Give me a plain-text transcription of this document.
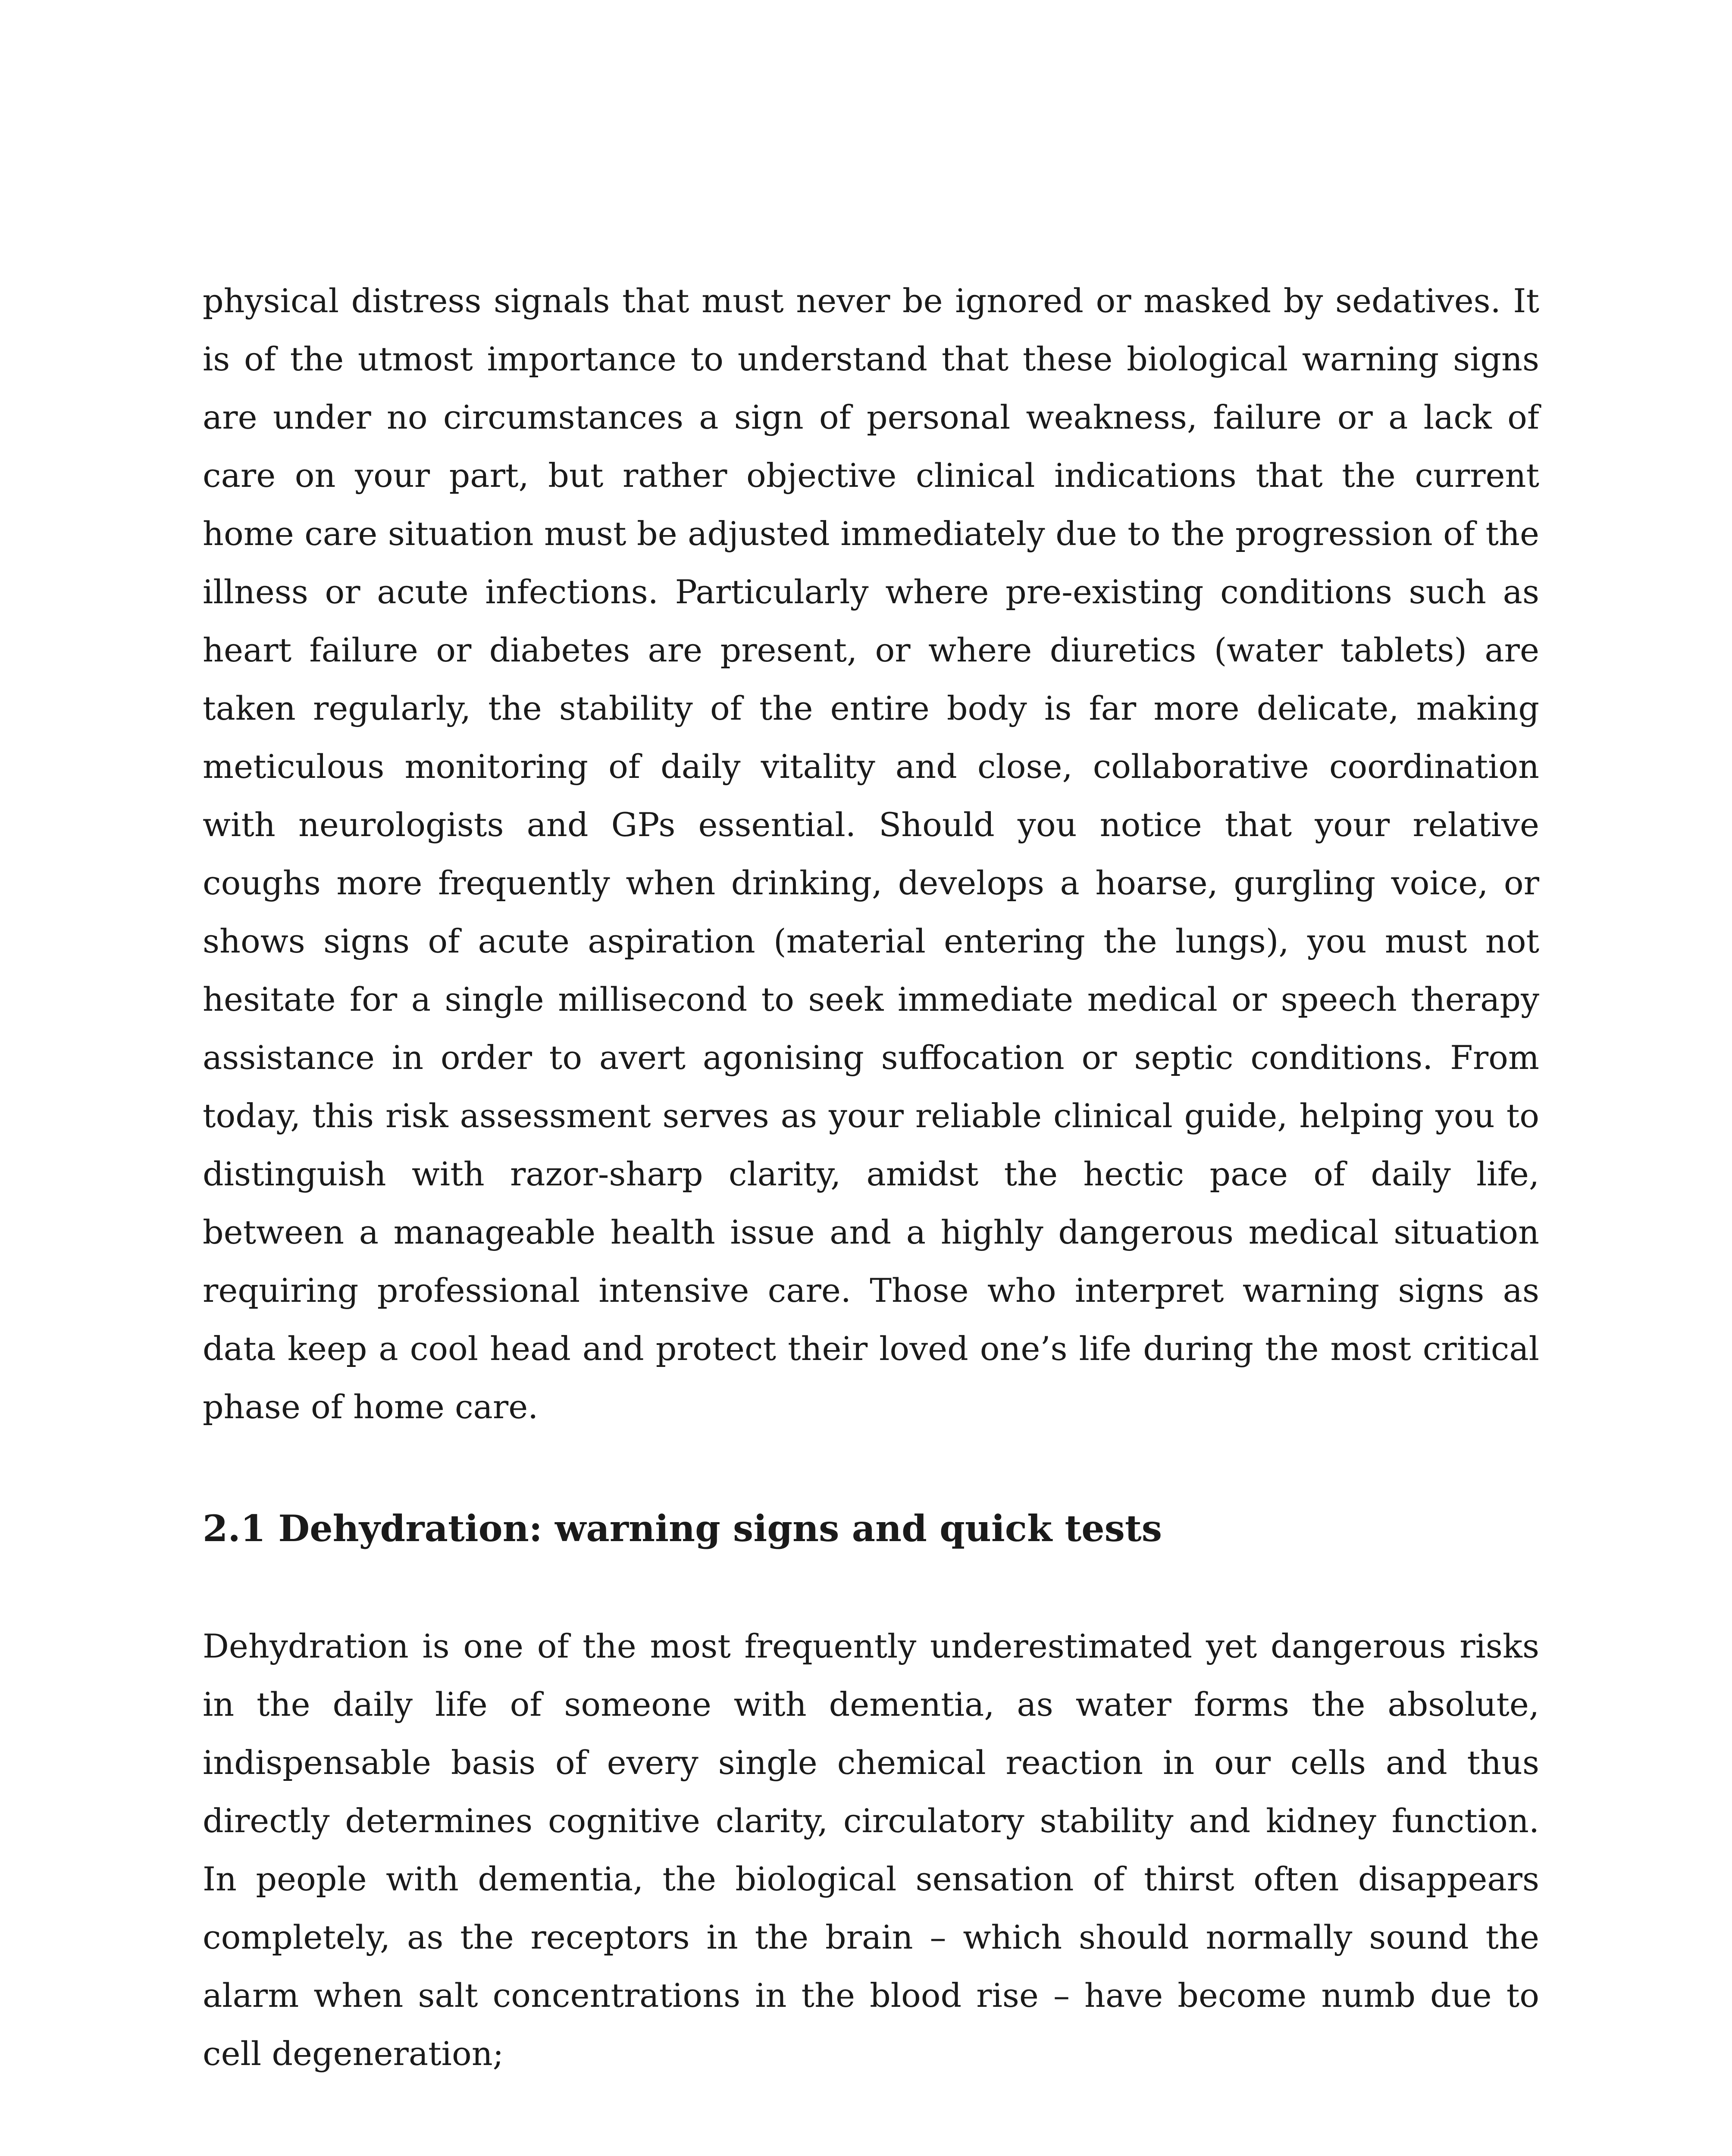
physical distress signals that must never be ignored or masked by sedatives. It is of the utmost importance to understand that these biological warning signs are under no circumstances a sign of personal weakness, failure or a lack of care on your part, but rather objective clinical indications that the current home care situation must be adjusted immediately due to the progression of the illness or acute infections. Particularly where pre-existing conditions such as heart failure or diabetes are present, or where diuretics (water tablets) are taken regularly, the stability of the entire body is far more delicate, making meticulous monitoring of daily vitality and close, collaborative coordination with neurologists and GPs essential. Should you notice that your relative coughs more frequently when drinking, develops a hoarse, gurgling voice, or shows signs of acute aspiration (material entering the lungs), you must not hesitate for a single millisecond to seek immediate medical or speech therapy assistance in order to avert agonising suffocation or septic conditions. From today, this risk assessment serves as your reliable clinical guide, helping you to distinguish with razor-sharp clarity, amidst the hectic pace of daily life, between a manageable health issue and a highly dangerous medical situation requiring professional intensive care. Those who interpret warning signs as data keep a cool head and protect their loved one’s life during the most critical phase of home care.

2.1 Dehydration: warning signs and quick tests

Dehydration is one of the most frequently underestimated yet dangerous risks in the daily life of someone with dementia, as water forms the absolute, indispensable basis of every single chemical reaction in our cells and thus directly determines cognitive clarity, circulatory stability and kidney function. In people with dementia, the biological sensation of thirst often disappears completely, as the receptors in the brain – which should normally sound the alarm when salt concentrations in the blood rise – have become numb due to cell degeneration;
